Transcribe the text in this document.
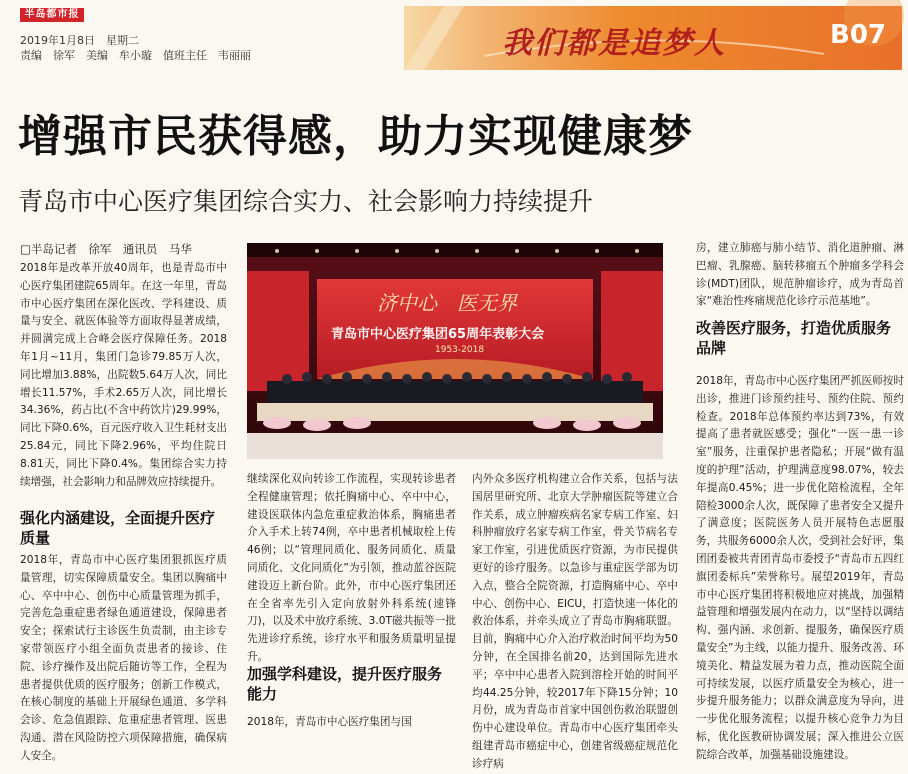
半岛都市报
2019年1月8日　星期二
责编　徐军　美编　牟小璇　值班主任　韦丽丽	我们都是追梦人	B07
增强市民获得感，助力实现健康梦
青岛市中心医疗集团综合实力、社会影响力持续提升
□半岛记者　徐军　通讯员　马华
2018年是改革开放40周年，也是青岛市中心医疗集团建院65周年。在这一年里，青岛市中心医疗集团在深化医改、学科建设、质量与安全、就医体验等方面取得显著成绩，并圆满完成上合峰会医疗保障任务。2018年1月~11月，集团门急诊79.85万人次，同比增加3.88%，出院数5.64万人次，同比增长11.57%，手术2.65万人次，同比增长34.36%，药占比(不含中药饮片)29.99%，同比下降0.6%，百元医疗收入卫生耗材支出25.84元，同比下降2.96%，平均住院日8.81天，同比下降0.4%。集团综合实力持续增强，社会影响力和品牌效应持续提升。
强化内涵建设，全面提升医疗质量
2018年，青岛市中心医疗集团狠抓医疗质量管理，切实保障质量安全。集团以胸痛中心、卒中中心、创伤中心质量管理为抓手，完善危急重症患者绿色通道建设，保障患者安全；探索试行主诊医生负责制，由主诊专家带领医疗小组全面负责患者的接诊、住院、诊疗操作及出院后随访等工作，全程为患者提供优质的医疗服务；创新工作模式，在核心制度的基础上开展绿色通道、多学科会诊、危急值跟踪、危重症患者管理、医患沟通、潜在风险防控六项保障措施，确保病人安全。
济中心　医无界
青岛市中心医疗集团65周年表彰大会
1953-2018
继续深化双向转诊工作流程，实现转诊患者全程健康管理；依托胸痛中心、卒中中心，建设医联体内急危重症救治体系，胸痛患者介入手术上转74例，卒中患者机械取栓上传46例；以“管理同质化、服务同质化、质量同质化、文化同质化”为引领，推动蓝谷医院建设迈上新台阶。此外，市中心医疗集团还在全省率先引入定向放射外科系统(速锋刀)，以及术中放疗系统、3.0T磁共振等一批先进诊疗系统，诊疗水平和服务质量明显提升。
加强学科建设，提升医疗服务能力
2018年，青岛市中心医疗集团与国
内外众多医疗机构建立合作关系，包括与法国居里研究所、北京大学肿瘤医院等建立合作关系，成立肿瘤疾病名家专病工作室、妇科肿瘤放疗名家专病工作室，骨关节病名专家工作室，引进优质医疗资源，为市民提供更好的诊疗服务。以急诊与重症医学部为切入点，整合全院资源，打造胸痛中心、卒中中心、创伤中心、EICU，打造快速一体化的救治体系，并牵头成立了青岛市胸痛联盟。目前，胸痛中心介入治疗救治时间平均为50分钟，在全国排名前20，达到国际先进水平；卒中中心患者入院到溶栓开始的时间平均44.25分钟，较2017年下降15分钟；10月份，成为青岛市首家中国创伤救治联盟创伤中心建设单位。青岛市中心医疗集团牵头组建青岛市癌症中心，创建省级癌症规范化诊疗病
房，建立肺癌与肺小结节、消化道肿瘤、淋巴瘤、乳腺癌、脑转移瘤五个肿瘤多学科会诊(MDT)团队，规范肿瘤诊疗，成为青岛首家“难治性疼痛规范化诊疗示范基地”。
改善医疗服务，打造优质服务品牌
2018年，青岛市中心医疗集团严抓医师按时出诊，推进门诊预约挂号、预约住院、预约检查。2018年总体预约率达到73%，有效提高了患者就医感受；强化“一医一患一诊室”服务，注重保护患者隐私；开展“做有温度的护理”活动，护理满意度98.07%，较去年提高0.45%；进一步优化陪检流程，全年陪检3000余人次，既保障了患者安全又提升了满意度；医院医务人员开展特色志愿服务，共服务6000余人次，受到社会好评，集团团委被共青团青岛市委授予“青岛市五四红旗团委标兵”荣誉称号。展望2019年，青岛市中心医疗集团将积极地应对挑战，加强精益管理和增强发展内在动力，以“坚持以调结构、强内涵、求创新、提服务，确保医疗质量安全”为主线，以能力提升、服务改善、环境美化、精益发展为着力点，推动医院全面可持续发展，以医疗质量安全为核心，进一步提升服务能力；以群众满意度为导向，进一步优化服务流程；以提升核心竞争力为目标，优化医教研协调发展；深入推进公立医院综合改革，加强基础设施建设。
